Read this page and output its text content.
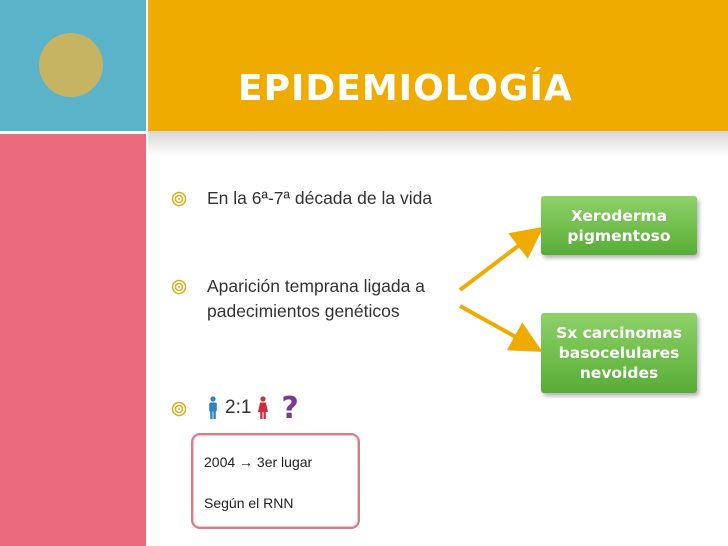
EPIDEMIOLOGÍA
En la 6ª-7ª década de la vida
Aparición temprana ligada a
padecimientos genéticos
2:1 ?
Xeroderma
pigmentoso
Sx carcinomas
basocelulares
nevoides
2004 → 3er lugar
Según el RNN
